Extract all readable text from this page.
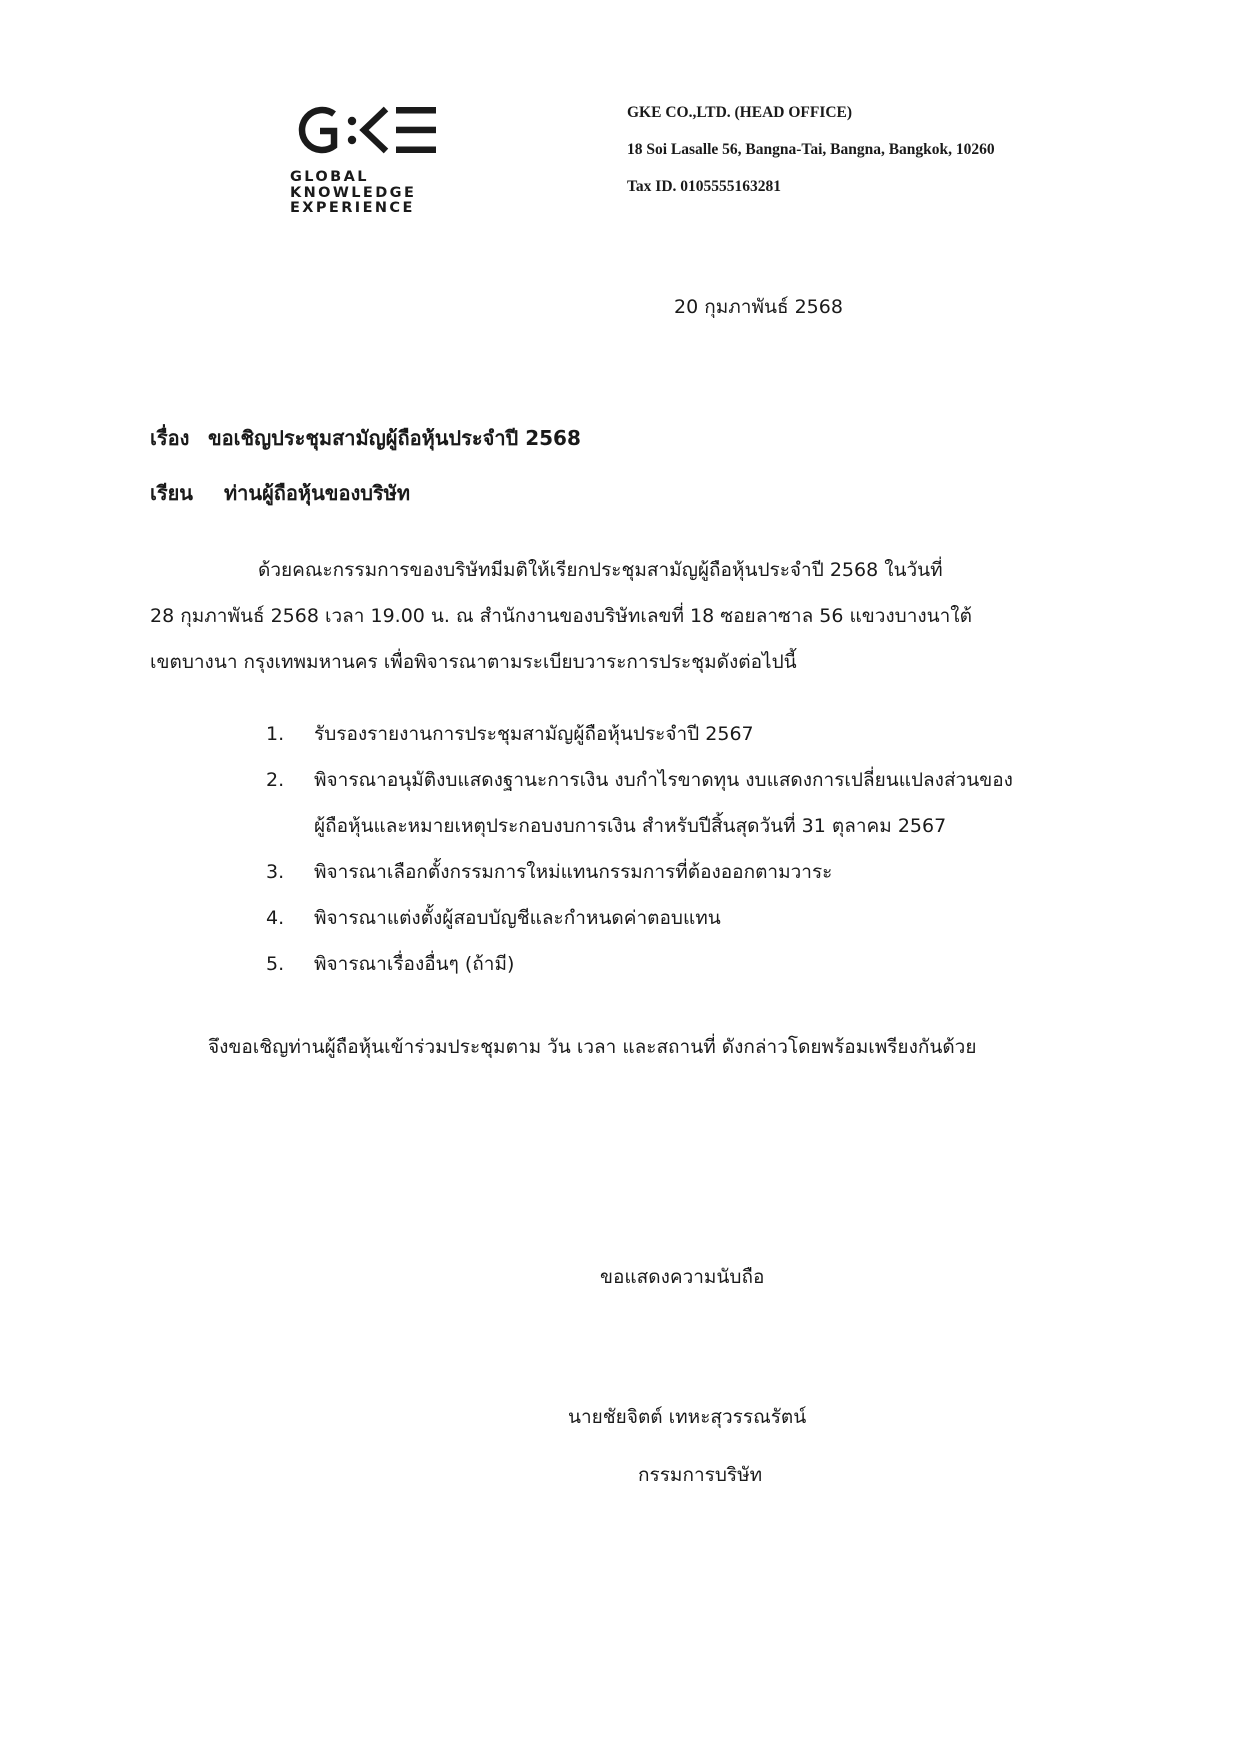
GLOBAL
KNOWLEDGE
EXPERIENCE
GKE CO.,LTD. (HEAD OFFICE)
18 Soi Lasalle 56, Bangna-Tai, Bangna, Bangkok, 10260
Tax ID. 0105555163281
20 กุมภาพันธ์ 2568
เรื่อง ขอเชิญประชุมสามัญผู้ถือหุ้นประจำปี 2568
เรียน ท่านผู้ถือหุ้นของบริษัท
ด้วยคณะกรรมการของบริษัทมีมติให้เรียกประชุมสามัญผู้ถือหุ้นประจำปี 2568 ในวันที่
28 กุมภาพันธ์ 2568 เวลา 19.00 น. ณ สำนักงานของบริษัทเลขที่ 18 ซอยลาซาล 56 แขวงบางนาใต้
เขตบางนา กรุงเทพมหานคร เพื่อพิจารณาตามระเบียบวาระการประชุมดังต่อไปนี้
1.	รับรองรายงานการประชุมสามัญผู้ถือหุ้นประจำปี 2567
2.	พิจารณาอนุมัติงบแสดงฐานะการเงิน งบกำไรขาดทุน งบแสดงการเปลี่ยนแปลงส่วนของ
ผู้ถือหุ้นและหมายเหตุประกอบงบการเงิน สำหรับปีสิ้นสุดวันที่ 31 ตุลาคม 2567
3.	พิจารณาเลือกตั้งกรรมการใหม่แทนกรรมการที่ต้องออกตามวาระ
4.	พิจารณาแต่งตั้งผู้สอบบัญชีและกำหนดค่าตอบแทน
5.	พิจารณาเรื่องอื่นๆ (ถ้ามี)
จึงขอเชิญท่านผู้ถือหุ้นเข้าร่วมประชุมตาม วัน เวลา และสถานที่ ดังกล่าวโดยพร้อมเพรียงกันด้วย
ขอแสดงความนับถือ
นายชัยจิตต์ เทหะสุวรรณรัตน์
กรรมการบริษัท
